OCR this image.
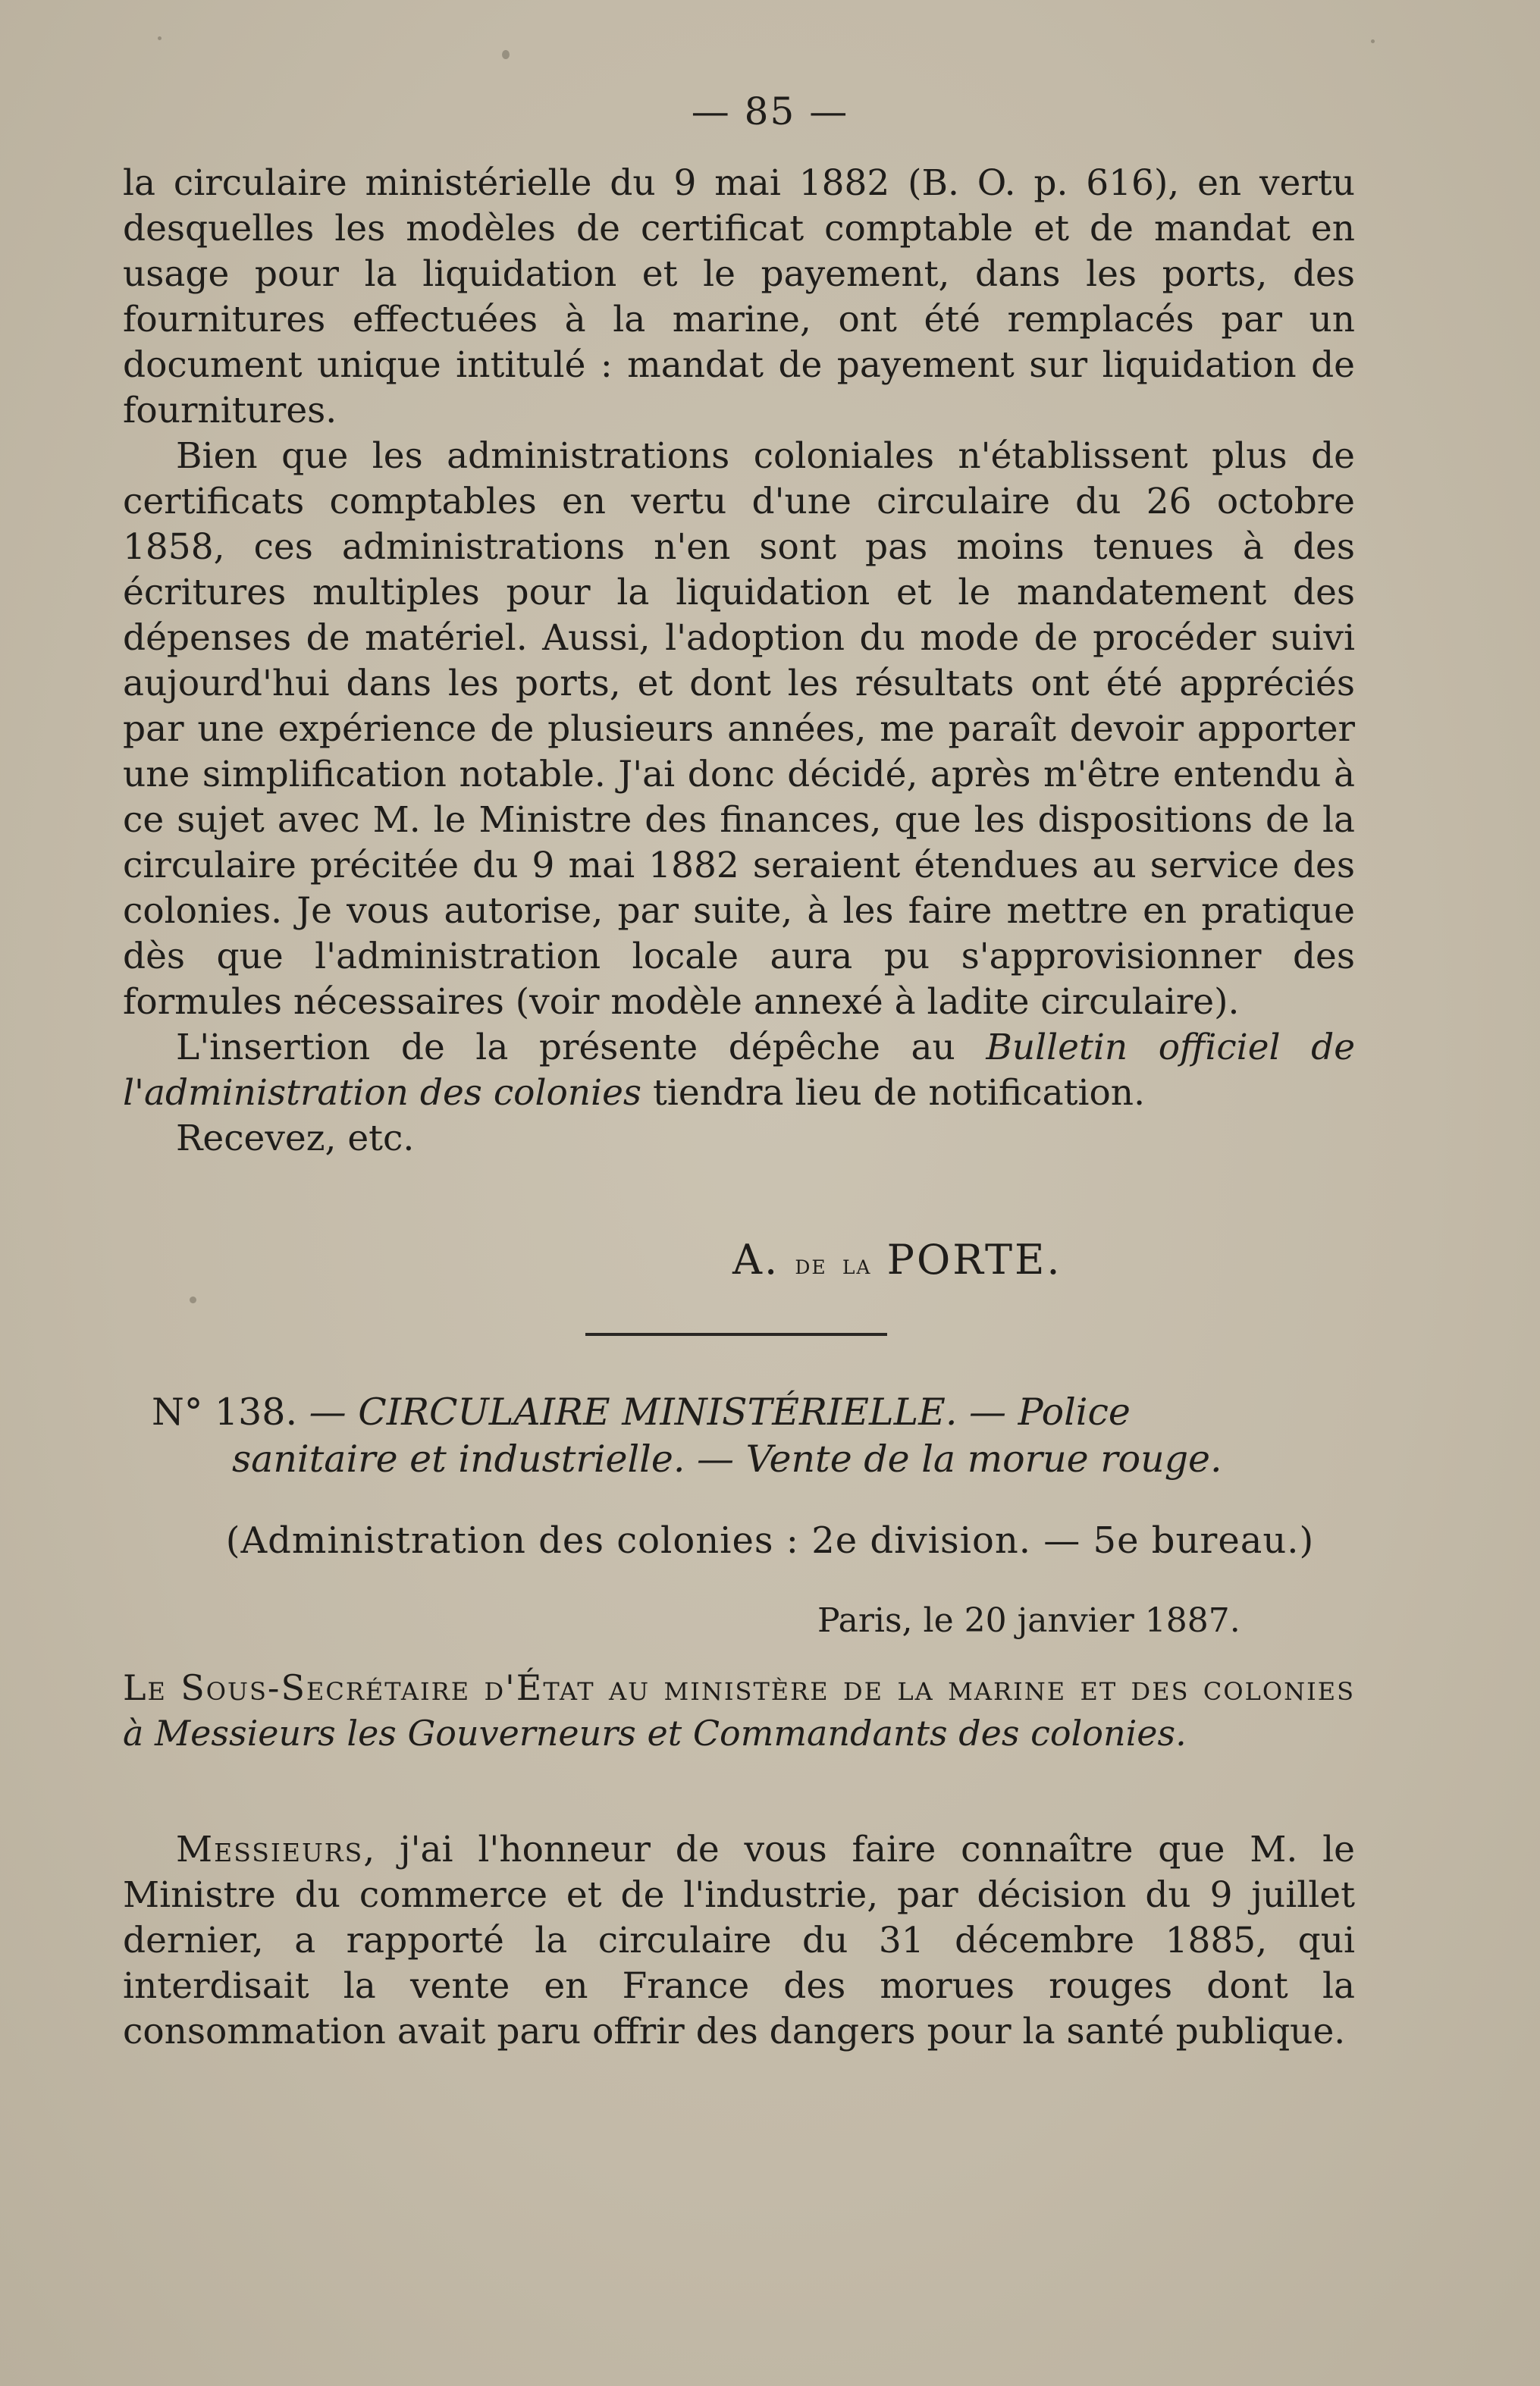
— 85 —

la circulaire ministérielle du 9 mai 1882 (B. O. p. 616), en vertu desquelles les modèles de certificat comptable et de mandat en usage pour la liquidation et le payement, dans les ports, des fournitures effectuées à la marine, ont été remplacés par un document unique intitulé : mandat de payement sur liquidation de fournitures.

Bien que les administrations coloniales n'établissent plus de certificats comptables en vertu d'une circulaire du 26 octobre 1858, ces administrations n'en sont pas moins tenues à des écritures multiples pour la liquidation et le mandatement des dépenses de matériel. Aussi, l'adoption du mode de procéder suivi aujourd'hui dans les ports, et dont les résultats ont été appréciés par une expérience de plusieurs années, me paraît devoir apporter une simplification notable. J'ai donc décidé, après m'être entendu à ce sujet avec M. le Ministre des finances, que les dispositions de la circulaire précitée du 9 mai 1882 seraient étendues au service des colonies. Je vous autorise, par suite, à les faire mettre en pratique dès que l'administration locale aura pu s'approvisionner des formules nécessaires (voir modèle annexé à ladite circulaire).

L'insertion de la présente dépêche au Bulletin officiel de l'administration des colonies tiendra lieu de notification.

Recevez, etc.

A. de la PORTE.
N° 138. — CIRCULAIRE MINISTÉRIELLE. — Police
sanitaire et industrielle. — Vente de la morue rouge.
(Administration des colonies : 2e division. — 5e bureau.)
Paris, le 20 janvier 1887.
Le Sous-Secrétaire d'État au ministère de la marine et des colonies à Messieurs les Gouverneurs et Commandants des colonies.

Messieurs, j'ai l'honneur de vous faire connaître que M. le Ministre du commerce et de l'industrie, par décision du 9 juillet dernier, a rapporté la circulaire du 31 décembre 1885, qui interdisait la vente en France des morues rouges dont la consommation avait paru offrir des dangers pour la santé publique.
